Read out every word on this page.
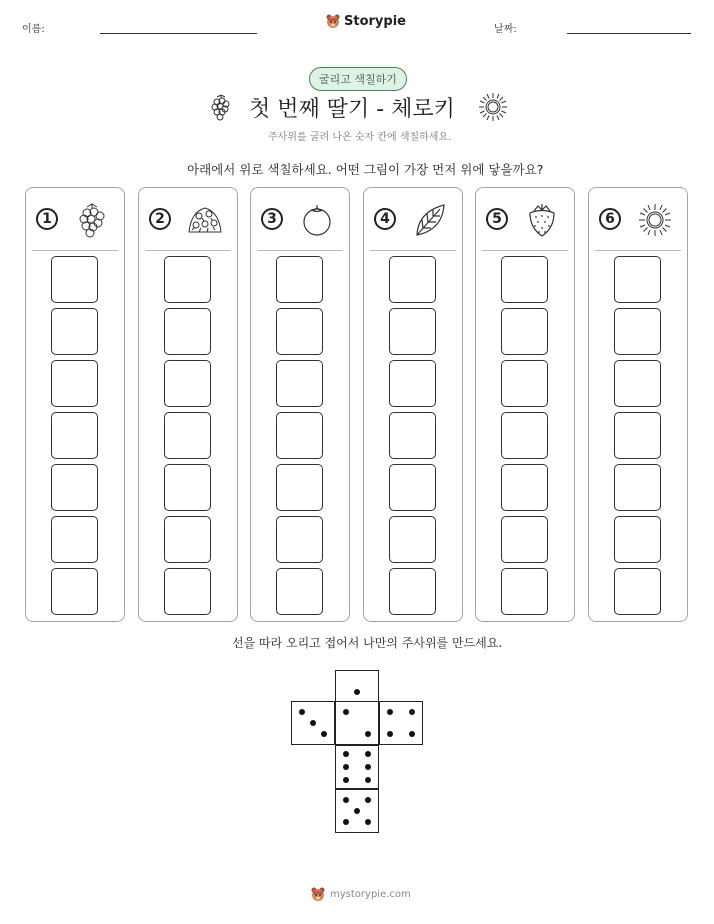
이름:
Storypie
날짜:
굴리고 색칠하기
첫 번째 딸기 - 체로키
주사위를 굴려 나온 숫자 칸에 색칠하세요.
아래에서 위로 색칠하세요. 어떤 그림이 가장 먼저 위에 닿을까요?
1	2	3	4	5	6
선을 따라 오리고 접어서 나만의 주사위를 만드세요.
mystorypie.com
